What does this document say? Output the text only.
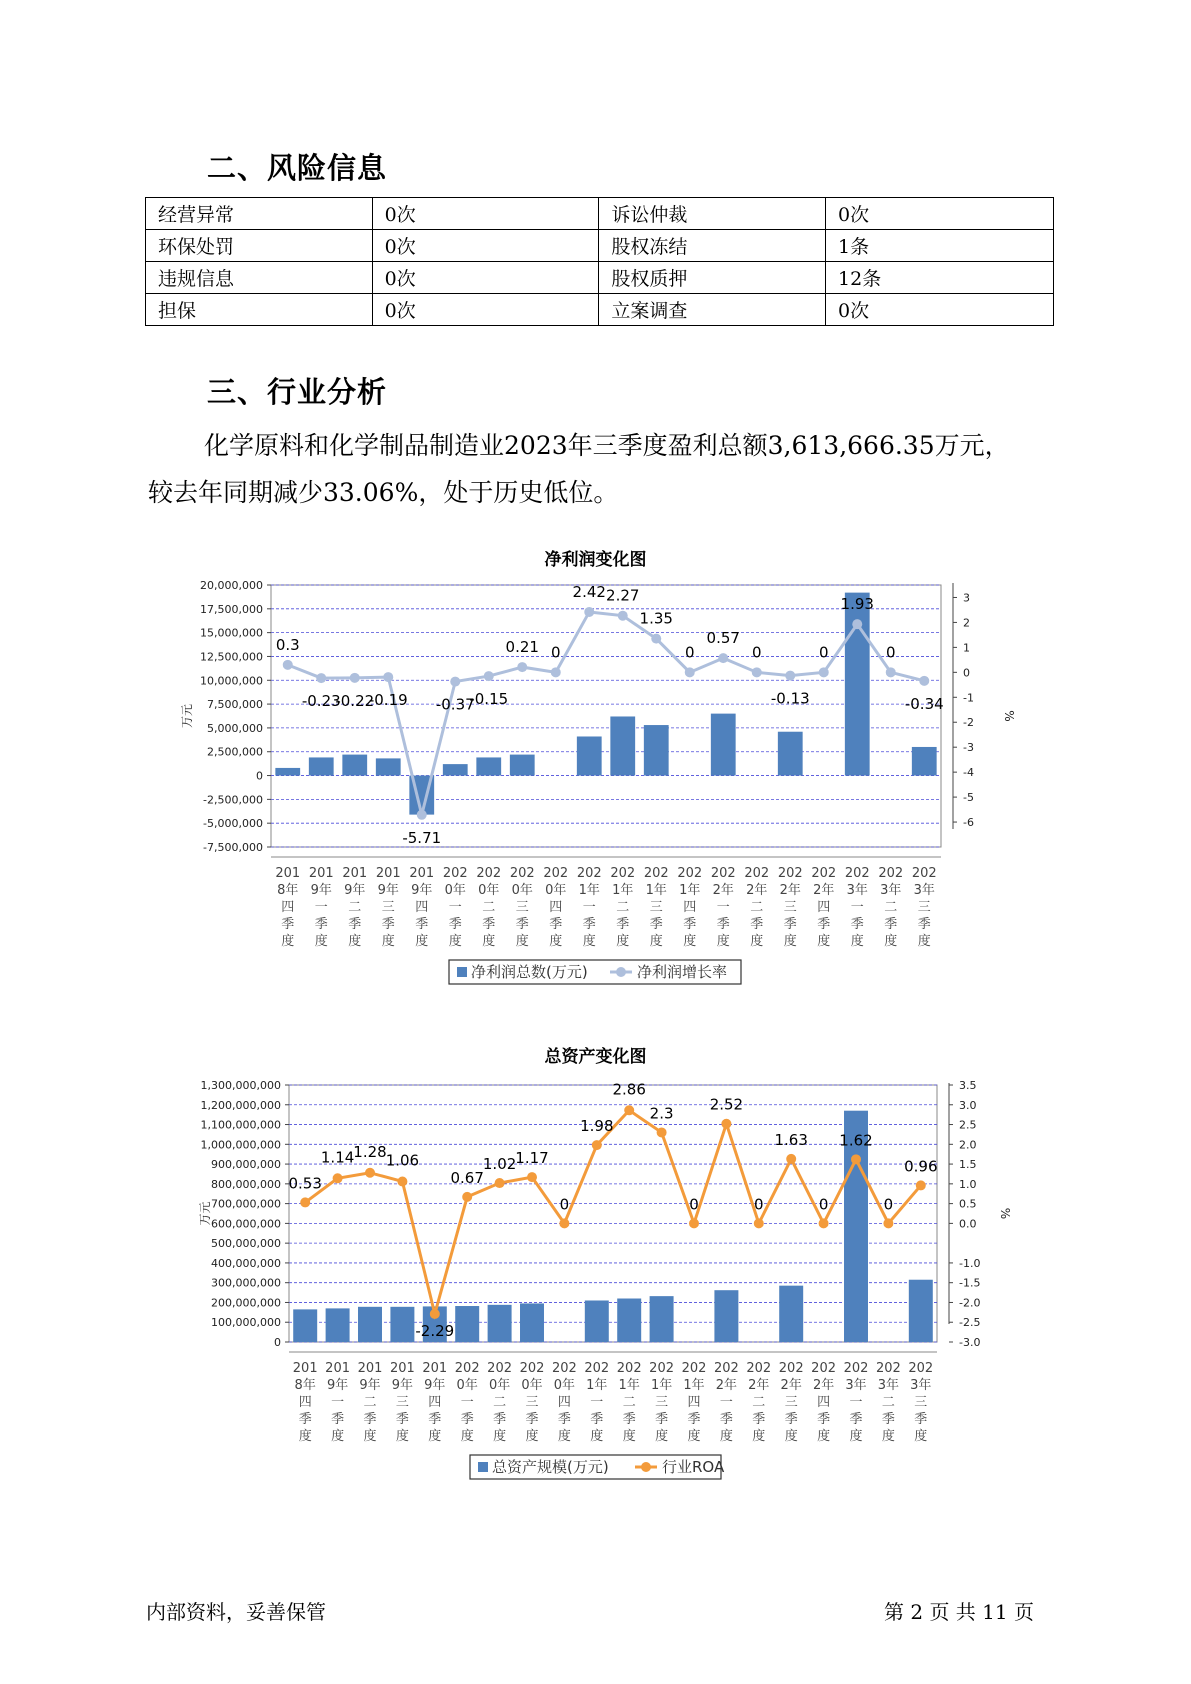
二、风险信息
经营异常	0次	诉讼仲裁	0次
环保处罚	0次	股权冻结	1条
违规信息	0次	股权质押	12条
担保	0次	立案调查	0次
三、行业分析
化学原料和化学制品制造业2023年三季度盈利总额3,613,666.35万元，
较去年同期减少33.06%，处于历史低位。
净利润变化图
20,000,000
17,500,000
15,000,000
12,500,000
10,000,000
7,500,000
5,000,000
2,500,000
0
-2,500,000
-5,000,000
-7,500,000
3
2
1
0
-1
-2
-3
-4
-5
-6
万元	%
201
8年
四
季
度
201
9年
一
季
度
201
9年
二
季
度
201
9年
三
季
度
201
9年
四
季
度
202
0年
一
季
度
202
0年
二
季
度
202
0年
三
季
度
202
0年
四
季
度
202
1年
一
季
度
202
1年
二
季
度
202
1年
三
季
度
202
1年
四
季
度
202
2年
一
季
度
202
2年
二
季
度
202
2年
三
季
度
202
2年
四
季
度
202
3年
一
季
度
202
3年
二
季
度
202
3年
三
季
度
0.3
-0.23
-0.22
-0.19
-5.71
-0.37
-0.15
0.21 0
2.42 2.27
1.35
0
0.57
0
-0.13
0
1.93
0
-0.34
净利润总数(万元)	净利润增长率
总资产变化图
1,300,000,000
1,200,000,000
1,100,000,000
1,000,000,000
900,000,000
800,000,000
700,000,000
600,000,000
500,000,000
400,000,000
300,000,000
200,000,000
100,000,000
0
3.5
3.0
2.5
2.0
1.5
1.0
0.5
0.0
-1.0
-1.5
-2.0
-2.5
-3.0
万元	%
201
8年
四
季
度
201
9年
一
季
度
201
9年
二
季
度
201
9年
三
季
度
201
9年
四
季
度
202
0年
一
季
度
202
0年
二
季
度
202
0年
三
季
度
202
0年
四
季
度
202
1年
一
季
度
202
1年
二
季
度
202
1年
三
季
度
202
1年
四
季
度
202
2年
一
季
度
202
2年
二
季
度
202
2年
三
季
度
202
2年
四
季
度
202
3年
一
季
度
202
3年
二
季
度
202
3年
三
季
度
0.53
1.14
1.28
1.06
-2.29
0.67
1.02
1.17
0
1.98
2.86
2.3
0
2.52
0
1.63
0
1.62
0
0.96
总资产规模(万元)	行业ROA
内部资料，妥善保管	第 2 页 共 11 页
